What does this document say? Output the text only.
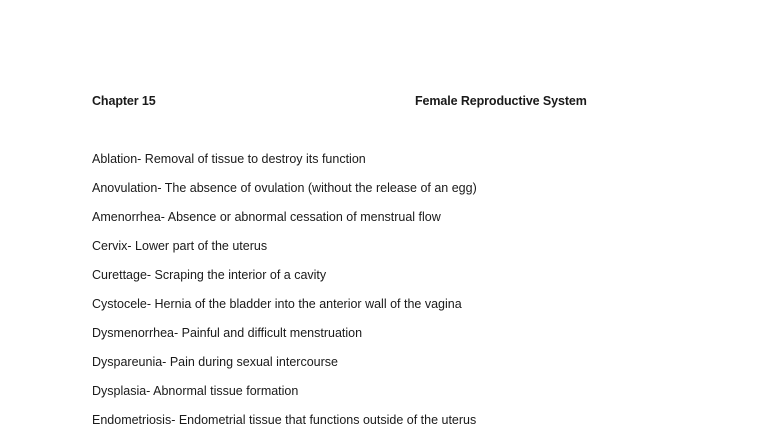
Chapter 15	Female Reproductive System
Ablation- Removal of tissue to destroy its function
Anovulation- The absence of ovulation (without the release of an egg)
Amenorrhea- Absence or abnormal cessation of menstrual flow
Cervix- Lower part of the uterus
Curettage- Scraping the interior of a cavity
Cystocele- Hernia of the bladder into the anterior wall of the vagina
Dysmenorrhea- Painful and difficult menstruation
Dyspareunia- Pain during sexual intercourse
Dysplasia- Abnormal tissue formation
Endometriosis- Endometrial tissue that functions outside of the uterus
